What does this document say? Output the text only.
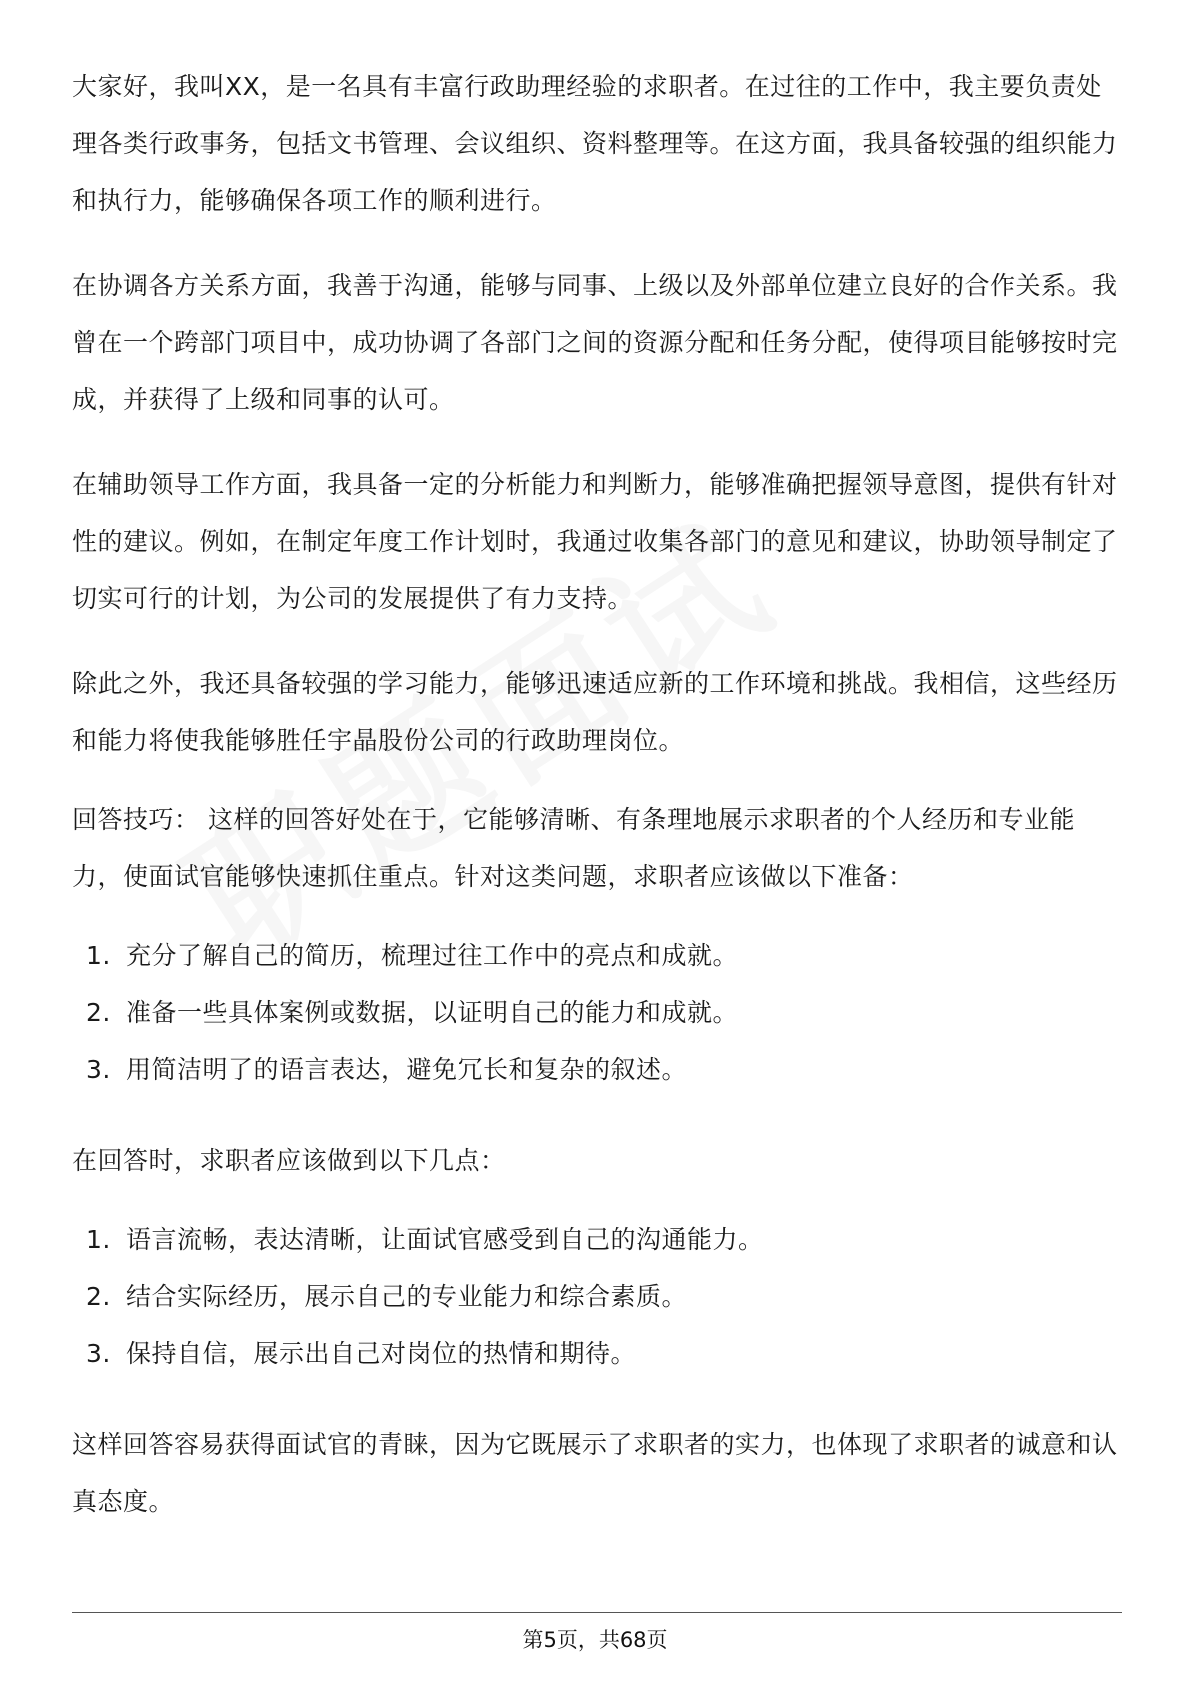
大家好，我叫XX，是一名具有丰富行政助理经验的求职者。在过往的工作中，我主要负责处理各类行政事务，包括文书管理、会议组织、资料整理等。在这方面，我具备较强的组织能力和执行力，能够确保各项工作的顺利进行。

在协调各方关系方面，我善于沟通，能够与同事、上级以及外部单位建立良好的合作关系。我曾在一个跨部门项目中，成功协调了各部门之间的资源分配和任务分配，使得项目能够按时完成，并获得了上级和同事的认可。

在辅助领导工作方面，我具备一定的分析能力和判断力，能够准确把握领导意图，提供有针对性的建议。例如，在制定年度工作计划时，我通过收集各部门的意见和建议，协助领导制定了切实可行的计划，为公司的发展提供了有力支持。

除此之外，我还具备较强的学习能力，能够迅速适应新的工作环境和挑战。我相信，这些经历和能力将使我能够胜任宇晶股份公司的行政助理岗位。

回答技巧： 这样的回答好处在于，它能够清晰、有条理地展示求职者的个人经历和专业能力，使面试官能够快速抓住重点。针对这类问题，求职者应该做以下准备：

1. 充分了解自己的简历，梳理过往工作中的亮点和成就。
2. 准备一些具体案例或数据，以证明自己的能力和成就。
3. 用简洁明了的语言表达，避免冗长和复杂的叙述。

在回答时，求职者应该做到以下几点：

1. 语言流畅，表达清晰，让面试官感受到自己的沟通能力。
2. 结合实际经历，展示自己的专业能力和综合素质。
3. 保持自信，展示出自己对岗位的热情和期待。

这样回答容易获得面试官的青睐，因为它既展示了求职者的实力，也体现了求职者的诚意和认真态度。

第5页，共68页
